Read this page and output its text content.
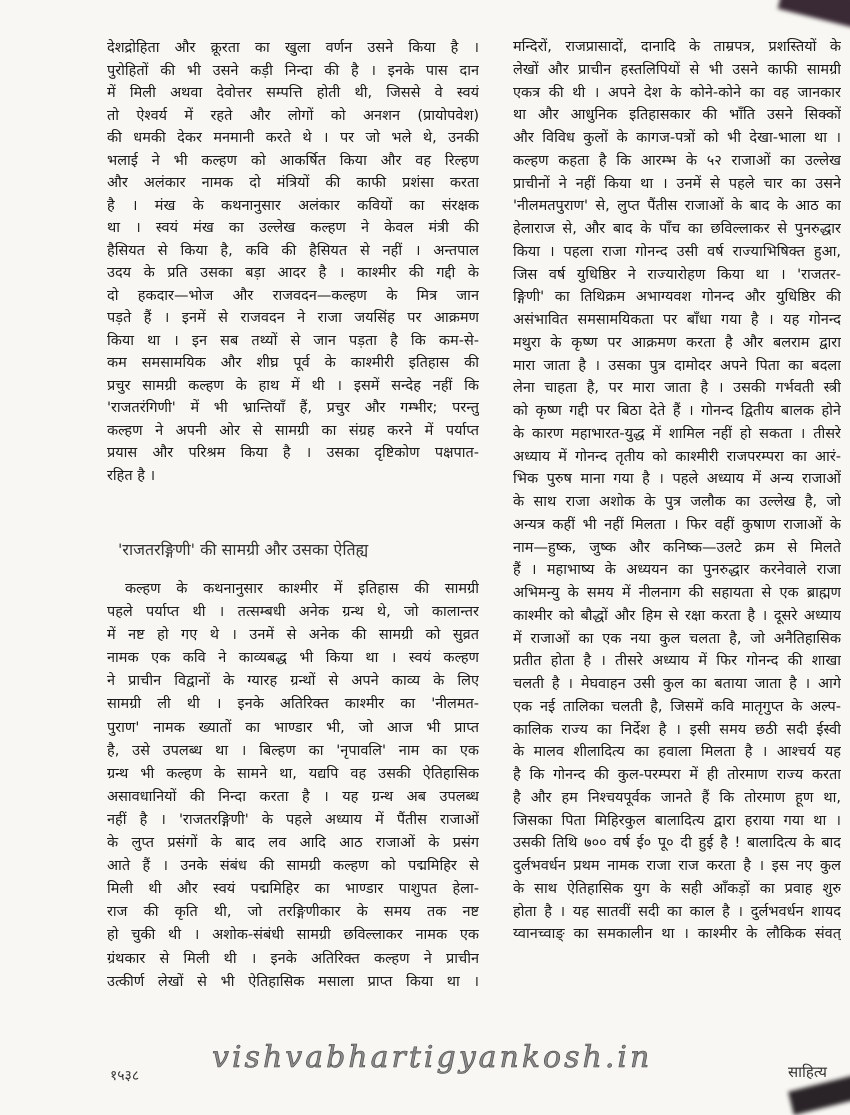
देशद्रोहिता और क्रूरता का खुला वर्णन उसने किया है ।
पुरोहितों की भी उसने कड़ी निन्दा की है । इनके पास दान
में मिली अथवा देवोत्तर सम्पत्ति होती थी, जिससे वे स्वयं
तो ऐश्वर्य में रहते और लोगों को अनशन (प्रायोपवेश)
की धमकी देकर मनमानी करते थे । पर जो भले थे, उनकी
भलाई ने भी कल्हण को आकर्षित किया और वह रिल्हण
और अलंकार नामक दो मंत्रियों की काफी प्रशंसा करता
है । मंख के कथनानुसार अलंकार कवियों का संरक्षक
था । स्वयं मंख का उल्लेख कल्हण ने केवल मंत्री की
हैसियत से किया है, कवि की हैसियत से नहीं । अन्तपाल
उदय के प्रति उसका बड़ा आदर है । काश्मीर की गद्दी के
दो हकदार—भोज और राजवदन—कल्हण के मित्र जान
पड़ते हैं । इनमें से राजवदन ने राजा जयसिंह पर आक्रमण
किया था । इन सब तथ्यों से जान पड़ता है कि कम-से-
कम समसामयिक और शीघ्र पूर्व के काश्मीरी इतिहास की
प्रचुर सामग्री कल्हण के हाथ में थी । इसमें सन्देह नहीं कि
'राजतरंगिणी' में भी भ्रान्तियाँ हैं, प्रचुर और गम्भीर; परन्तु
कल्हण ने अपनी ओर से सामग्री का संग्रह करने में पर्याप्त
प्रयास और परिश्रम किया है । उसका दृष्टिकोण पक्षपात-
रहित है ।
'राजतरङ्गिणी' की सामग्री और उसका ऐतिह्य
कल्हण के कथनानुसार काश्मीर में इतिहास की सामग्री
पहले पर्याप्त थी । तत्सम्बधी अनेक ग्रन्थ थे, जो कालान्तर
में नष्ट हो गए थे । उनमें से अनेक की सामग्री को सुव्रत
नामक एक कवि ने काव्यबद्ध भी किया था । स्वयं कल्हण
ने प्राचीन विद्वानों के ग्यारह ग्रन्थों से अपने काव्य के लिए
सामग्री ली थी । इनके अतिरिक्त काश्मीर का 'नीलमत-
पुराण' नामक ख्यातों का भाण्डार भी, जो आज भी प्राप्त
है, उसे उपलब्ध था । बिल्हण का 'नृपावलि' नाम का एक
ग्रन्थ भी कल्हण के सामने था, यद्यपि वह उसकी ऐतिहासिक
असावधानियों की निन्दा करता है । यह ग्रन्थ अब उपलब्ध
नहीं है । 'राजतरङ्गिणी' के पहले अध्याय में पैंतीस राजाओं
के लुप्त प्रसंगों के बाद लव आदि आठ राजाओं के प्रसंग
आते हैं । उनके संबंध की सामग्री कल्हण को पद्ममिहिर से
मिली थी और स्वयं पद्ममिहिर का भाण्डार पाशुपत हेला-
राज की कृति थी, जो तरङ्गिणीकार के समय तक नष्ट
हो चुकी थी । अशोक-संबंधी सामग्री छविल्लाकर नामक एक
ग्रंथकार से मिली थी । इनके अतिरिक्त कल्हण ने प्राचीन
उत्कीर्ण लेखों से भी ऐतिहासिक मसाला प्राप्त किया था ।
मन्दिरों, राजप्रासादों, दानादि के ताम्रपत्र, प्रशस्तियों के
लेखों और प्राचीन हस्तलिपियों से भी उसने काफी सामग्री
एकत्र की थी । अपने देश के कोने-कोने का वह जानकार
था और आधुनिक इतिहासकार की भाँति उसने सिक्कों
और विविध कुलों के कागज-पत्रों को भी देखा-भाला था ।
कल्हण कहता है कि आरम्भ के ५२ राजाओं का उल्लेख
प्राचीनों ने नहीं किया था । उनमें से पहले चार का उसने
'नीलमतपुराण' से, लुप्त पैंतीस राजाओं के बाद के आठ का
हेलाराज से, और बाद के पाँच का छविल्लाकर से पुनरुद्धार
किया । पहला राजा गोनन्द उसी वर्ष राज्याभिषिक्त हुआ,
जिस वर्ष युधिष्ठिर ने राज्यारोहण किया था । 'राजतर-
ङ्गिणी' का तिथिक्रम अभाग्यवश गोनन्द और युधिष्ठिर की
असंभावित समसामयिकता पर बाँधा गया है । यह गोनन्द
मथुरा के कृष्ण पर आक्रमण करता है और बलराम द्वारा
मारा जाता है । उसका पुत्र दामोदर अपने पिता का बदला
लेना चाहता है, पर मारा जाता है । उसकी गर्भवती स्त्री
को कृष्ण गद्दी पर बिठा देते हैं । गोनन्द द्वितीय बालक होने
के कारण महाभारत-युद्ध में शामिल नहीं हो सकता । तीसरे
अध्याय में गोनन्द तृतीय को काश्मीरी राजपरम्परा का आरं-
भिक पुरुष माना गया है । पहले अध्याय में अन्य राजाओं
के साथ राजा अशोक के पुत्र जलौक का उल्लेख है, जो
अन्यत्र कहीं भी नहीं मिलता । फिर वहीं कुषाण राजाओं के
नाम—हुष्क, जुष्क और कनिष्क—उलटे क्रम से मिलते
हैं । महाभाष्य के अध्ययन का पुनरुद्धार करनेवाले राजा
अभिमन्यु के समय में नीलनाग की सहायता से एक ब्राह्मण
काश्मीर को बौद्धों और हिम से रक्षा करता है । दूसरे अध्याय
में राजाओं का एक नया कुल चलता है, जो अनैतिहासिक
प्रतीत होता है । तीसरे अध्याय में फिर गोनन्द की शाखा
चलती है । मेघवाहन उसी कुल का बताया जाता है । आगे
एक नई तालिका चलती है, जिसमें कवि मातृगुप्त के अल्प-
कालिक राज्य का निर्देश है । इसी समय छठी सदी ईस्वी
के मालव शीलादित्य का हवाला मिलता है । आश्चर्य यह
है कि गोनन्द की कुल-परम्परा में ही तोरमाण राज्य करता
है और हम निश्चयपूर्वक जानते हैं कि तोरमाण हूण था,
जिसका पिता मिहिरकुल बालादित्य द्वारा हराया गया था ।
उसकी तिथि ७०० वर्ष ई० पू० दी हुई है ! बालादित्य के बाद
दुर्लभवर्धन प्रथम नामक राजा राज करता है । इस नए कुल
के साथ ऐतिहासिक युग के सही आँकड़ों का प्रवाह शुरु
होता है । यह सातवीं सदी का काल है । दुर्लभवर्धन शायद
य्वानच्वाङ् का समकालीन था । काश्मीर के लौकिक संवत्
vishvabhartigyankosh.in
१५३८	साहित्य
